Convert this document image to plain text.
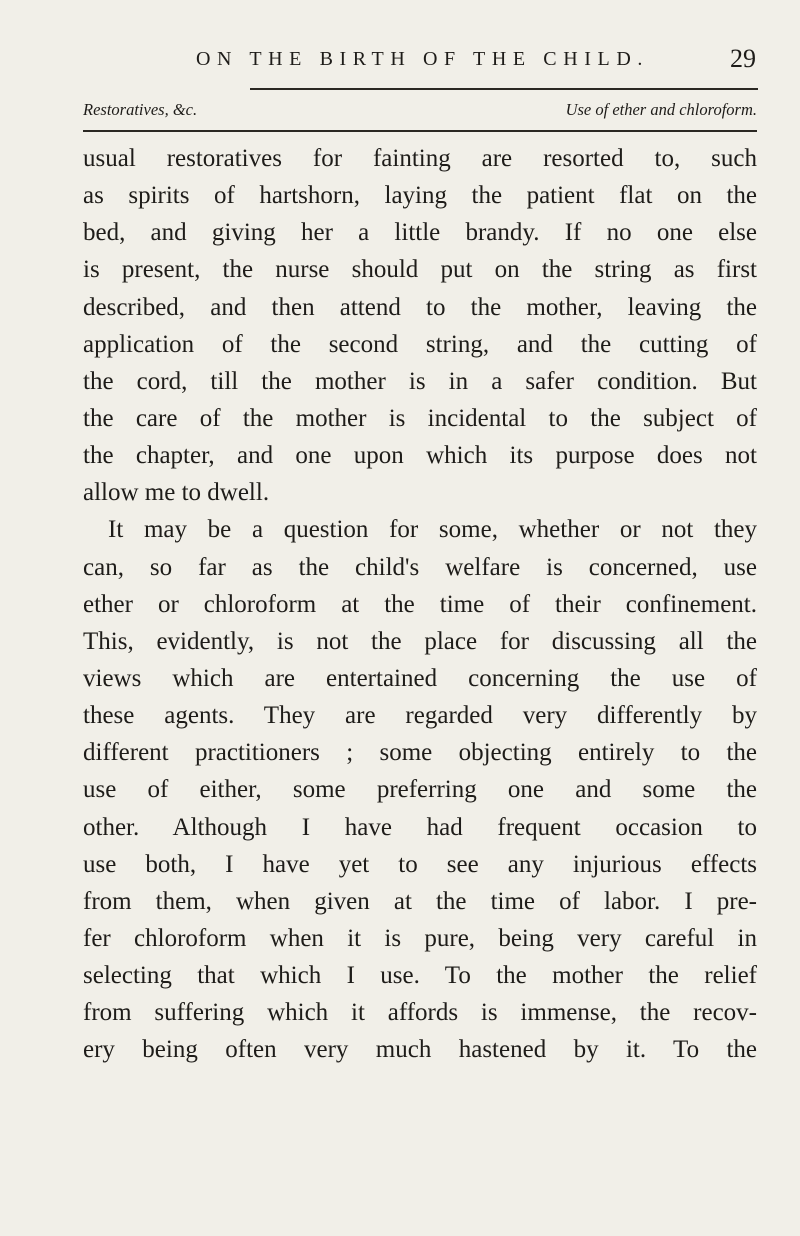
ON THE BIRTH OF THE CHILD.	29
Restoratives, &c.	Use of ether and chloroform.
usual restoratives for fainting are resorted to, such
as spirits of hartshorn, laying the patient flat on the
bed, and giving her a little brandy. If no one else
is present, the nurse should put on the string as first
described, and then attend to the mother, leaving the
application of the second string, and the cutting of
the cord, till the mother is in a safer condition. But
the care of the mother is incidental to the subject of
the chapter, and one upon which its purpose does not
allow me to dwell.
It may be a question for some, whether or not they
can, so far as the child's welfare is concerned, use
ether or chloroform at the time of their confinement.
This, evidently, is not the place for discussing all the
views which are entertained concerning the use of
these agents. They are regarded very differently by
different practitioners ; some objecting entirely to the
use of either, some preferring one and some the
other. Although I have had frequent occasion to
use both, I have yet to see any injurious effects
from them, when given at the time of labor. I pre-
fer chloroform when it is pure, being very careful in
selecting that which I use. To the mother the relief
from suffering which it affords is immense, the recov-
ery being often very much hastened by it. To the
